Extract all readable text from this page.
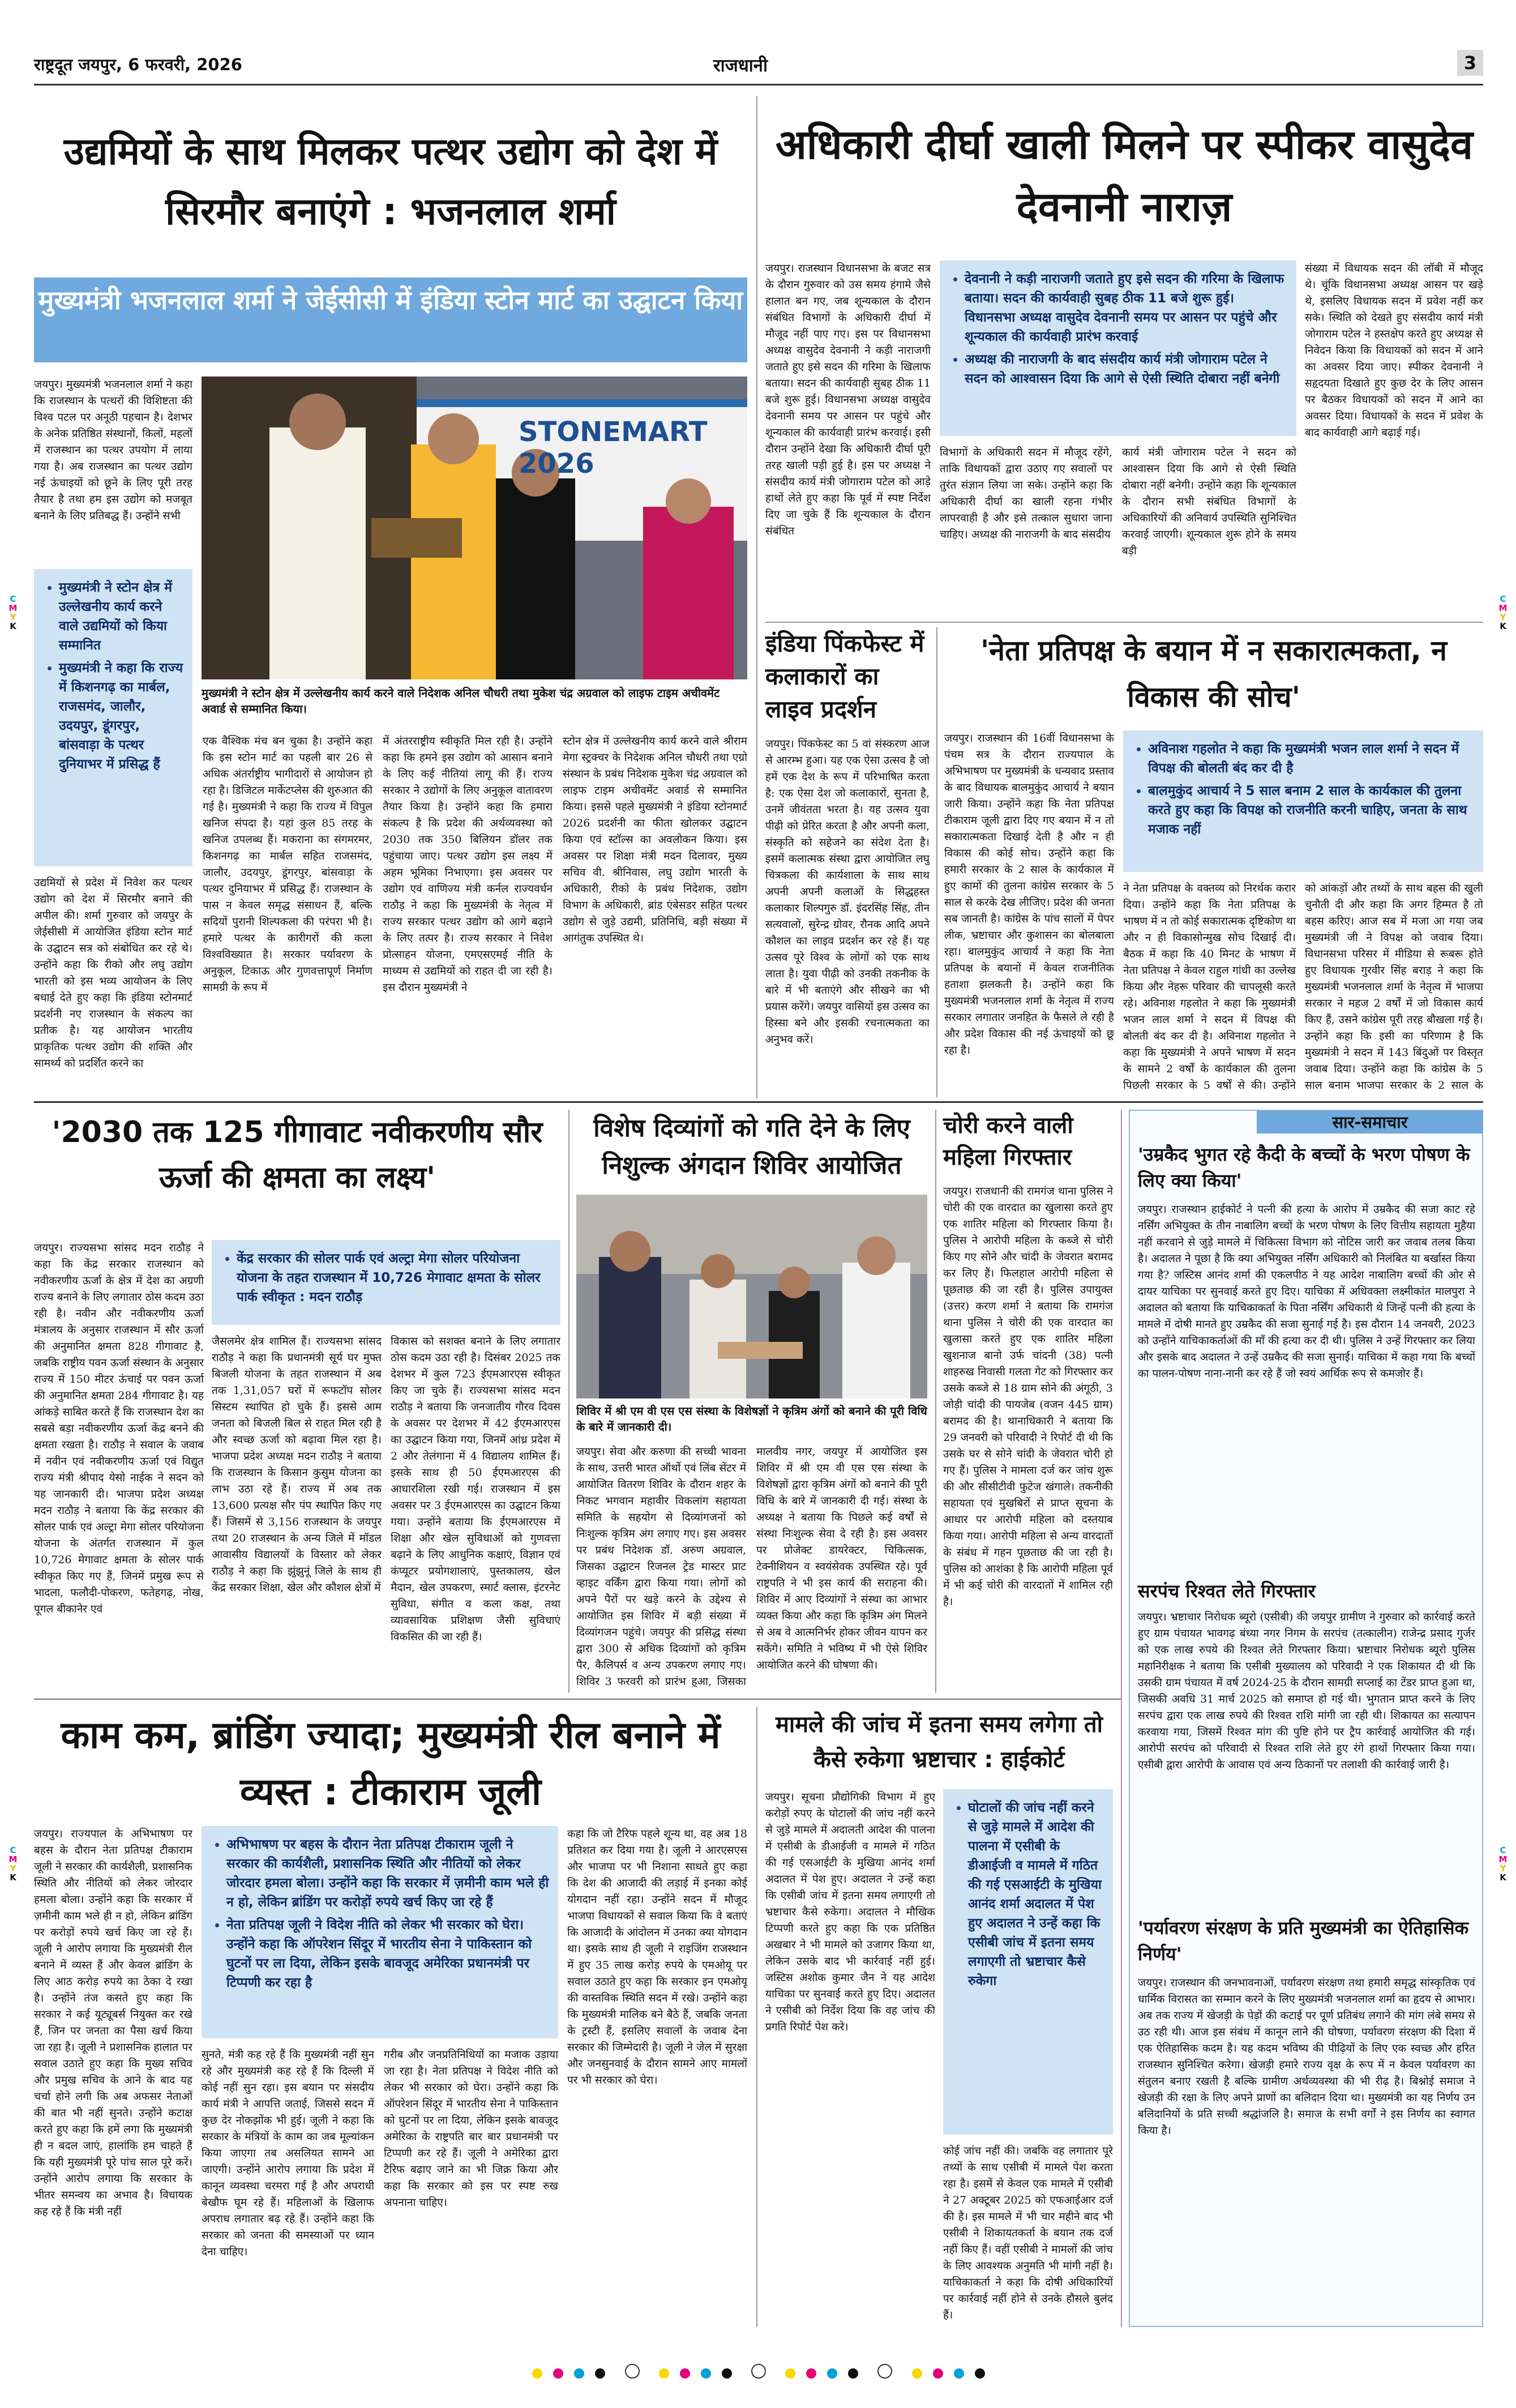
राष्ट्रदूत जयपुर, 6 फरवरी, 2026	राजधानी	3
C
M
Y
K
C
M
Y
K
C
M
Y
K
C
M
Y
K
उद्यमियों के साथ मिलकर पत्थर उद्योग को देश में सिरमौर बनाएंगे : भजनलाल शर्मा
मुख्यमंत्री भजनलाल शर्मा ने जेईसीसी में इंडिया स्टोन मार्ट का उद्घाटन किया
जयपुर। मुख्यमंत्री भजनलाल शर्मा ने कहा कि राजस्थान के पत्थरों की विशिष्टता की विश्व पटल पर अनूठी पहचान है। देशभर के अनेक प्रतिष्ठित संस्थानों, किलों, महलों में राजस्थान का पत्थर उपयोग में लाया गया है। अब राजस्थान का पत्थर उद्योग नई ऊंचाइयों को छूने के लिए पूरी तरह तैयार है तथा हम इस उद्योग को मजबूत बनाने के लिए प्रतिबद्ध हैं। उन्होंने सभी
STONEMART 2026
मुख्यमंत्री ने स्टोन क्षेत्र में उल्लेखनीय कार्य करने वाले निदेशक अनिल चौधरी तथा मुकेश चंद्र अग्रवाल को लाइफ टाइम अचीवमेंट अवार्ड से सम्मानित किया।
• मुख्यमंत्री ने स्टोन क्षेत्र में उल्लेखनीय कार्य करने वाले उद्यमियों को किया सम्मानित
• मुख्यमंत्री ने कहा कि राज्य में किशनगढ़ का मार्बल, राजसमंद, जालौर, उदयपुर, डूंगरपुर, बांसवाड़ा के पत्थर दुनियाभर में प्रसिद्ध हैं
उद्यमियों से प्रदेश में निवेश कर पत्थर उद्योग को देश में सिरमौर बनाने की अपील की। शर्मा गुरुवार को जयपुर के जेईसीसी में आयोजित इंडिया स्टोन मार्ट के उद्घाटन सत्र को संबोधित कर रहे थे। उन्होंने कहा कि रीको और लघु उद्योग भारती को इस भव्य आयोजन के लिए बधाई देते हुए कहा कि इंडिया स्टोनमार्ट प्रदर्शनी नए राजस्थान के संकल्प का प्रतीक है। यह आयोजन भारतीय प्राकृतिक पत्थर उद्योग की शक्ति और सामर्थ्य को प्रदर्शित करने का
एक वैश्विक मंच बन चुका है। उन्होंने कहा कि इस स्टोन मार्ट का पहली बार 26 से अधिक अंतर्राष्ट्रीय भागीदारों से आयोजन हो रहा है। डिजिटल मार्केटप्लेस की शुरुआत की गई है। मुख्यमंत्री ने कहा कि राज्य में विपुल खनिज संपदा है। यहां कुल 85 तरह के खनिज उपलब्ध हैं। मकराना का संगमरमर, किशनगढ़ का मार्बल सहित राजसमंद, जालौर, उदयपुर, डूंगरपुर, बांसवाड़ा के पत्थर दुनियाभर में प्रसिद्ध हैं। राजस्थान के पास न केवल समृद्ध संसाधन हैं, बल्कि सदियों पुरानी शिल्पकला की परंपरा भी है। हमारे पत्थर के कारीगरों की कला विश्वविख्यात है। सरकार पर्यावरण के अनुकूल, टिकाऊ और गुणवत्तापूर्ण निर्माण सामग्री के रूप में
में अंतरराष्ट्रीय स्वीकृति मिल रही है। उन्होंने कहा कि हमने इस उद्योग को आसान बनाने के लिए कई नीतियां लागू की हैं। राज्य सरकार ने उद्योगों के लिए अनुकूल वातावरण तैयार किया है। उन्होंने कहा कि हमारा संकल्प है कि प्रदेश की अर्थव्यवस्था को 2030 तक 350 बिलियन डॉलर तक पहुंचाया जाए। पत्थर उद्योग इस लक्ष्य में अहम भूमिका निभाएगा। इस अवसर पर उद्योग एवं वाणिज्य मंत्री कर्नल राज्यवर्धन राठौड़ ने कहा कि मुख्यमंत्री के नेतृत्व में राज्य सरकार पत्थर उद्योग को आगे बढ़ाने के लिए तत्पर है। राज्य सरकार ने निवेश प्रोत्साहन योजना, एमएसएमई नीति के माध्यम से उद्यमियों को राहत दी जा रही है। इस दौरान मुख्यमंत्री ने
स्टोन क्षेत्र में उल्लेखनीय कार्य करने वाले श्रीराम मेगा स्ट्रक्चर के निदेशक अनिल चौधरी तथा एग्रो संस्थान के प्रबंध निदेशक मुकेश चंद्र अग्रवाल को लाइफ टाइम अचीवमेंट अवार्ड से सम्मानित किया। इससे पहले मुख्यमंत्री ने इंडिया स्टोनमार्ट 2026 प्रदर्शनी का फीता खोलकर उद्घाटन किया एवं स्टॉल्स का अवलोकन किया। इस अवसर पर शिक्षा मंत्री मदन दिलावर, मुख्य सचिव वी. श्रीनिवास, लघु उद्योग भारती के अधिकारी, रीको के प्रबंध निदेशक, उद्योग विभाग के अधिकारी, ब्रांड एंबेसडर सहित पत्थर उद्योग से जुड़े उद्यमी, प्रतिनिधि, बड़ी संख्या में आगंतुक उपस्थित थे।
अधिकारी दीर्घा खाली मिलने पर स्पीकर वासुदेव देवनानी नाराज़
जयपुर। राजस्थान विधानसभा के बजट सत्र के दौरान गुरुवार को उस समय हंगामे जैसे हालात बन गए, जब शून्यकाल के दौरान संबंधित विभागों के अधिकारी दीर्घा में मौजूद नहीं पाए गए। इस पर विधानसभा अध्यक्ष वासुदेव देवनानी ने कड़ी नाराजगी जताते हुए इसे सदन की गरिमा के खिलाफ बताया। सदन की कार्यवाही सुबह ठीक 11 बजे शुरू हुई। विधानसभा अध्यक्ष वासुदेव देवनानी समय पर आसन पर पहुंचे और शून्यकाल की कार्यवाही प्रारंभ करवाई। इसी दौरान उन्होंने देखा कि अधिकारी दीर्घा पूरी तरह खाली पड़ी हुई है। इस पर अध्यक्ष ने संसदीय कार्य मंत्री जोगाराम पटेल को आड़े हाथों लेते हुए कहा कि पूर्व में स्पष्ट निर्देश दिए जा चुके हैं कि शून्यकाल के दौरान संबंधित
• देवनानी ने कड़ी नाराजगी जताते हुए इसे सदन की गरिमा के खिलाफ बताया। सदन की कार्यवाही सुबह ठीक 11 बजे शुरू हुई। विधानसभा अध्यक्ष वासुदेव देवनानी समय पर आसन पर पहुंचे और शून्यकाल की कार्यवाही प्रारंभ करवाई
• अध्यक्ष की नाराजगी के बाद संसदीय कार्य मंत्री जोगाराम पटेल ने सदन को आश्वासन दिया कि आगे से ऐसी स्थिति दोबारा नहीं बनेगी
विभागों के अधिकारी सदन में मौजूद रहेंगे, ताकि विधायकों द्वारा उठाए गए सवालों पर तुरंत संज्ञान लिया जा सके। उन्होंने कहा कि अधिकारी दीर्घा का खाली रहना गंभीर लापरवाही है और इसे तत्काल सुधारा जाना चाहिए। अध्यक्ष की नाराजगी के बाद संसदीय
कार्य मंत्री जोगाराम पटेल ने सदन को आश्वासन दिया कि आगे से ऐसी स्थिति दोबारा नहीं बनेगी। उन्होंने कहा कि शून्यकाल के दौरान सभी संबंधित विभागों के अधिकारियों की अनिवार्य उपस्थिति सुनिश्चित करवाई जाएगी। शून्यकाल शुरू होने के समय बड़ी
संख्या में विधायक सदन की लॉबी में मौजूद थे। चूंकि विधानसभा अध्यक्ष आसन पर खड़े थे, इसलिए विधायक सदन में प्रवेश नहीं कर सके। स्थिति को देखते हुए संसदीय कार्य मंत्री जोगाराम पटेल ने हस्तक्षेप करते हुए अध्यक्ष से निवेदन किया कि विधायकों को सदन में आने का अवसर दिया जाए। स्पीकर देवनानी ने सहृदयता दिखाते हुए कुछ देर के लिए आसन पर बैठकर विधायकों को सदन में आने का अवसर दिया। विधायकों के सदन में प्रवेश के बाद कार्यवाही आगे बढ़ाई गई।
इंडिया पिंकफेस्ट में कलाकारों का लाइव प्रदर्शन
जयपुर। पिंकफेस्ट का 5 वां संस्करण आज से आरम्भ हुआ। यह एक ऐसा उत्सव है जो हमें एक देश के रूप में परिभाषित करता है: एक ऐसा देश जो कलाकारों, सुनता है, उनमें जीवंतता भरता है। यह उत्सव युवा पीढ़ी को प्रेरित करता है और अपनी कला, संस्कृति को सहेजने का संदेश देता है। इसमें कलात्मक संस्था द्वारा आयोजित लघु चित्रकला की कार्यशाला के साथ साथ अपनी अपनी कलाओं के सिद्धहस्त कलाकार शिल्पगुरु डॉ. इंदरसिंह सिंह, तीन सत्यवालों, सुरेन्द्र ग्रोवर, रौनक आदि अपने कौशल का लाइव प्रदर्शन कर रहे हैं। यह उत्सव पूरे विश्व के लोगों को एक साथ लाता है। युवा पीढ़ी को उनकी तकनीक के बारे में भी बताएंगे और सीखने का भी प्रयास करेंगे। जयपुर वासियों इस उत्सव का हिस्सा बने और इसकी रचनात्मकता का अनुभव करें।
'नेता प्रतिपक्ष के बयान में न सकारात्मकता, न विकास की सोच'
जयपुर। राजस्थान की 16वीं विधानसभा के पंचम सत्र के दौरान राज्यपाल के अभिभाषण पर मुख्यमंत्री के धन्यवाद प्रस्ताव के बाद विधायक बालमुकुंद आचार्य ने बयान जारी किया। उन्होंने कहा कि नेता प्रतिपक्ष टीकाराम जूली द्वारा दिए गए बयान में न तो सकारात्मकता दिखाई देती है और न ही विकास की कोई सोच। उन्होंने कहा कि हमारी सरकार के 2 साल के कार्यकाल में हुए कामों की तुलना कांग्रेस सरकार के 5 साल से करके देख लीजिए। प्रदेश की जनता सब जानती है। कांग्रेस के पांच सालों में पेपर लीक, भ्रष्टाचार और कुशासन का बोलबाला रहा। बालमुकुंद आचार्य ने कहा कि नेता प्रतिपक्ष के बयानों में केवल राजनीतिक हताशा झलकती है। उन्होंने कहा कि मुख्यमंत्री भजनलाल शर्मा के नेतृत्व में राज्य सरकार लगातार जनहित के फैसले ले रही है और प्रदेश विकास की नई ऊंचाइयों को छू रहा है।
• अविनाश गहलोत ने कहा कि मुख्यमंत्री भजन लाल शर्मा ने सदन में विपक्ष की बोलती बंद कर दी है
• बालमुकुंद आचार्य ने 5 साल बनाम 2 साल के कार्यकाल की तुलना करते हुए कहा कि विपक्ष को राजनीति करनी चाहिए, जनता के साथ मजाक नहीं
ने नेता प्रतिपक्ष के वक्तव्य को निरर्थक करार दिया। उन्होंने कहा कि नेता प्रतिपक्ष के भाषण में न तो कोई सकारात्मक दृष्टिकोण था और न ही विकासोन्मुख सोच दिखाई दी। बैठक में कहा कि 40 मिनट के भाषण में नेता प्रतिपक्ष ने केवल राहुल गांधी का उल्लेख किया और नेहरू परिवार की चापलूसी करते रहे। अविनाश गहलोत ने कहा कि मुख्यमंत्री भजन लाल शर्मा ने सदन में विपक्ष की बोलती बंद कर दी है। अविनाश गहलोत ने कहा कि मुख्यमंत्री ने अपने भाषण में सदन के सामने 2 वर्षों के कार्यकाल की तुलना पिछली सरकार के 5 वर्षों से की। उन्होंने
को आंकड़ों और तथ्यों के साथ बहस की खुली चुनौती दी और कहा कि अगर हिम्मत है तो बहस करिए। आज सब में मजा आ गया जब मुख्यमंत्री जी ने विपक्ष को जवाब दिया। विधानसभा परिसर में मीडिया से रूबरू होते हुए विधायक गुरवीर सिंह बराड़ ने कहा कि मुख्यमंत्री भजनलाल शर्मा के नेतृत्व में भाजपा सरकार ने महज 2 वर्षों में जो विकास कार्य किए हैं, उसने कांग्रेस पूरी तरह बौखला गई है। उन्होंने कहा कि इसी का परिणाम है कि मुख्यमंत्री ने सदन में 143 बिंदुओं पर विस्तृत जवाब दिया। उन्होंने कहा कि कांग्रेस के 5 साल बनाम भाजपा सरकार के 2 साल के
'2030 तक 125 गीगावाट नवीकरणीय सौर ऊर्जा की क्षमता का लक्ष्य'
जयपुर। राज्यसभा सांसद मदन राठौड़ ने कहा कि केंद्र सरकार राजस्थान को नवीकरणीय ऊर्जा के क्षेत्र में देश का अग्रणी राज्य बनाने के लिए लगातार ठोस कदम उठा रही है। नवीन और नवीकरणीय ऊर्जा मंत्रालय के अनुसार राजस्थान में सौर ऊर्जा की अनुमानित क्षमता 828 गीगावाट है, जबकि राष्ट्रीय पवन ऊर्जा संस्थान के अनुसार राज्य में 150 मीटर ऊंचाई पर पवन ऊर्जा की अनुमानित क्षमता 284 गीगावाट है। यह आंकड़े साबित करते हैं कि राजस्थान देश का सबसे बड़ा नवीकरणीय ऊर्जा केंद्र बनने की क्षमता रखता है। राठौड़ ने सवाल के जवाब में नवीन एवं नवीकरणीय ऊर्जा एवं विद्युत राज्य मंत्री श्रीपाद येसो नाईक ने सदन को यह जानकारी दी। भाजपा प्रदेश अध्यक्ष मदन राठौड़ ने बताया कि केंद्र सरकार की सोलर पार्क एवं अल्ट्रा मेगा सोलर परियोजना योजना के अंतर्गत राजस्थान में कुल 10,726 मेगावाट क्षमता के सोलर पार्क स्वीकृत किए गए हैं, जिनमें प्रमुख रूप से भादला, फलौदी-पोकरण, फतेहगढ़, नोख, पूगल बीकानेर एवं
• केंद्र सरकार की सोलर पार्क एवं अल्ट्रा मेगा सोलर परियोजना योजना के तहत राजस्थान में 10,726 मेगावाट क्षमता के सोलर पार्क स्वीकृत : मदन राठौड़
जैसलमेर क्षेत्र शामिल हैं। राज्यसभा सांसद राठौड़ ने कहा कि प्रधानमंत्री सूर्य घर मुफ्त बिजली योजना के तहत राजस्थान में अब तक 1,31,057 घरों में रूफटॉप सोलर सिस्टम स्थापित हो चुके हैं। इससे आम जनता को बिजली बिल से राहत मिल रही है और स्वच्छ ऊर्जा को बढ़ावा मिल रहा है। भाजपा प्रदेश अध्यक्ष मदन राठौड़ ने बताया कि राजस्थान के किसान कुसुम योजना का लाभ उठा रहे हैं। राज्य में अब तक 13,600 प्रत्यक्ष सौर पंप स्थापित किए गए हैं। जिसमें से 3,156 राजस्थान के जयपुर तथा 20 राजस्थान के अन्य जिले में मॉडल आवासीय विद्यालयों के विस्तार को लेकर राठौड़ ने कहा कि झुंझुनूं जिले के साथ ही केंद्र सरकार शिक्षा, खेल और कौशल क्षेत्रों में
विकास को सशक्त बनाने के लिए लगातार ठोस कदम उठा रही है। दिसंबर 2025 तक देशभर में कुल 723 ईएमआरएस स्वीकृत किए जा चुके हैं। राज्यसभा सांसद मदन राठौड़ ने बताया कि जनजातीय गौरव दिवस के अवसर पर देशभर में 42 ईएमआरएस का उद्घाटन किया गया, जिनमें आंध्र प्रदेश में 2 और तेलंगाना में 4 विद्यालय शामिल हैं। इसके साथ ही 50 ईएमआरएस की आधारशिला रखी गई। राजस्थान में इस अवसर पर 3 ईएमआरएस का उद्घाटन किया गया। उन्होंने बताया कि ईएमआरएस में शिक्षा और खेल सुविधाओं को गुणवत्ता बढ़ाने के लिए आधुनिक कक्षाएं, विज्ञान एवं कंप्यूटर प्रयोगशालाएं, पुस्तकालय, खेल मैदान, खेल उपकरण, स्मार्ट क्लास, इंटरनेट सुविधा, संगीत व कला कक्ष, तथा व्यावसायिक प्रशिक्षण जैसी सुविधाएं विकसित की जा रही हैं।
विशेष दिव्यांगों को गति देने के लिए निशुल्क अंगदान शिविर आयोजित
शिविर में श्री एम वी एस एस संस्था के विशेषज्ञों ने कृत्रिम अंगों को बनाने की पूरी विधि के बारे में जानकारी दी।
जयपुर। सेवा और करुणा की सच्ची भावना के साथ, उत्तरी भारत ऑर्थो एवं लिंब सेंटर में आयोजित वितरण शिविर के दौरान शहर के निकट भगवान महावीर विकलांग सहायता समिति के सहयोग से दिव्यांगजनों को निःशुल्क कृत्रिम अंग लगाए गए। इस अवसर पर प्रबंध निदेशक डॉ. अरुण अग्रवाल, जिसका उद्घाटन रिजनल ट्रेड मास्टर प्राट व्हाइट वर्किंग द्वारा किया गया। लोगों को अपने पैरों पर खड़े करने के उद्देश्य से आयोजित इस शिविर में बड़ी संख्या में दिव्यांगजन पहुंचे। जयपुर की प्रसिद्ध संस्था द्वारा 300 से अधिक दिव्यांगों को कृत्रिम पैर, कैलिपर्स व अन्य उपकरण लगाए गए। शिविर 3 फरवरी को प्रारंभ हुआ, जिसका
मालवीय नगर, जयपुर में आयोजित इस शिविर में श्री एम वी एस एस संस्था के विशेषज्ञों द्वारा कृत्रिम अंगों को बनाने की पूरी विधि के बारे में जानकारी दी गई। संस्था के अध्यक्ष ने बताया कि पिछले कई वर्षों से संस्था निःशुल्क सेवा दे रही है। इस अवसर पर प्रोजेक्ट डायरेक्टर, चिकित्सक, टेक्नीशियन व स्वयंसेवक उपस्थित रहे। पूर्व राष्ट्रपति ने भी इस कार्य की सराहना की। शिविर में आए दिव्यांगों ने संस्था का आभार व्यक्त किया और कहा कि कृत्रिम अंग मिलने से अब वे आत्मनिर्भर होकर जीवन यापन कर सकेंगे। समिति ने भविष्य में भी ऐसे शिविर आयोजित करने की घोषणा की।
चोरी करने वाली महिला गिरफ्तार
जयपुर। राजधानी की रामगंज थाना पुलिस ने चोरी की एक वारदात का खुलासा करते हुए एक शातिर महिला को गिरफ्तार किया है। पुलिस ने आरोपी महिला के कब्जे से चोरी किए गए सोने और चांदी के जेवरात बरामद कर लिए हैं। फिलहाल आरोपी महिला से पूछताछ की जा रही है। पुलिस उपायुक्त (उत्तर) करण शर्मा ने बताया कि रामगंज थाना पुलिस ने चोरी की एक वारदात का खुलासा करते हुए एक शातिर महिला खुशनाज बानो उर्फ चांदनी (38) पत्नी शाहरुख निवासी गलता गेट को गिरफ्तार कर उसके कब्जे से 18 ग्राम सोने की अंगूठी, 3 जोड़ी चांदी की पायजेब (वजन 445 ग्राम) बरामद की है। थानाधिकारी ने बताया कि 29 जनवरी को परिवादी ने रिपोर्ट दी थी कि उसके घर से सोने चांदी के जेवरात चोरी हो गए हैं। पुलिस ने मामला दर्ज कर जांच शुरू की और सीसीटीवी फुटेज खंगाले। तकनीकी सहायता एवं मुखबिरों से प्राप्त सूचना के आधार पर आरोपी महिला को दस्तयाब किया गया। आरोपी महिला से अन्य वारदातों के संबंध में गहन पूछताछ की जा रही है। पुलिस को आशंका है कि आरोपी महिला पूर्व में भी कई चोरी की वारदातों में शामिल रही है।
सार-समाचार
'उम्रकैद भुगत रहे कैदी के बच्चों के भरण पोषण के लिए क्या किया'
जयपुर। राजस्थान हाईकोर्ट ने पत्नी की हत्या के आरोप में उम्रकैद की सजा काट रहे नर्सिंग अभियुक्त के तीन नाबालिग बच्चों के भरण पोषण के लिए वित्तीय सहायता मुहैया नहीं करवाने से जुड़े मामले में चिकित्सा विभाग को नोटिस जारी कर जवाब तलब किया है। अदालत ने पूछा है कि क्या अभियुक्त नर्सिंग अधिकारी को निलंबित या बर्खास्त किया गया है? जस्टिस आनंद शर्मा की एकलपीठ ने यह आदेश नाबालिग बच्चों की ओर से दायर याचिका पर सुनवाई करते हुए दिए। याचिका में अधिवक्ता लक्ष्मीकांत मालपुरा ने अदालत को बताया कि याचिकाकर्ता के पिता नर्सिंग अधिकारी थे जिन्हें पत्नी की हत्या के मामले में दोषी मानते हुए उम्रकैद की सजा सुनाई गई है। इस दौरान 14 जनवरी, 2023 को उन्होंने याचिकाकर्ताओं की माँ की हत्या कर दी थी। पुलिस ने उन्हें गिरफ्तार कर लिया और इसके बाद अदालत ने उन्हें उम्रकैद की सजा सुनाई। याचिका में कहा गया कि बच्चों का पालन-पोषण नाना-नानी कर रहे हैं जो स्वयं आर्थिक रूप से कमजोर हैं।
सरपंच रिश्वत लेते गिरफ्तार
जयपुर। भ्रष्टाचार निरोधक ब्यूरो (एसीबी) की जयपुर ग्रामीण ने गुरुवार को कार्रवाई करते हुए ग्राम पंचायत भावगढ़ बंध्या नगर निगम के सरपंच (तत्कालीन) राजेन्द्र प्रसाद गुर्जर को एक लाख रुपये की रिश्वत लेते गिरफ्तार किया। भ्रष्टाचार निरोधक ब्यूरो पुलिस महानिरीक्षक ने बताया कि एसीबी मुख्यालय को परिवादी ने एक शिकायत दी थी कि उसकी ग्राम पंचायत में वर्ष 2024-25 के दौरान सामग्री सप्लाई का टेंडर प्राप्त हुआ था, जिसकी अवधि 31 मार्च 2025 को समाप्त हो गई थी। भुगतान प्राप्त करने के लिए सरपंच द्वारा एक लाख रुपये की रिश्वत राशि मांगी जा रही थी। शिकायत का सत्यापन करवाया गया, जिसमें रिश्वत मांग की पुष्टि होने पर ट्रैप कार्रवाई आयोजित की गई। आरोपी सरपंच को परिवादी से रिश्वत राशि लेते हुए रंगे हाथों गिरफ्तार किया गया। एसीबी द्वारा आरोपी के आवास एवं अन्य ठिकानों पर तलाशी की कार्रवाई जारी है।
'पर्यावरण संरक्षण के प्रति मुख्यमंत्री का ऐतिहासिक निर्णय'
जयपुर। राजस्थान की जनभावनाओं, पर्यावरण संरक्षण तथा हमारी समृद्ध सांस्कृतिक एवं धार्मिक विरासत का सम्मान करने के लिए मुख्यमंत्री भजनलाल शर्मा का हृदय से आभार। अब तक राज्य में खेजड़ी के पेड़ों की कटाई पर पूर्ण प्रतिबंध लगाने की मांग लंबे समय से उठ रही थी। आज इस संबंध में कानून लाने की घोषणा, पर्यावरण संरक्षण की दिशा में एक ऐतिहासिक कदम है। यह कदम भविष्य की पीढ़ियों के लिए एक स्वच्छ और हरित राजस्थान सुनिश्चित करेगा। खेजड़ी हमारे राज्य वृक्ष के रूप में न केवल पर्यावरण का संतुलन बनाए रखती है बल्कि ग्रामीण अर्थव्यवस्था की भी रीढ़ है। बिश्नोई समाज ने खेजड़ी की रक्षा के लिए अपने प्राणों का बलिदान दिया था। मुख्यमंत्री का यह निर्णय उन बलिदानियों के प्रति सच्ची श्रद्धांजलि है। समाज के सभी वर्गों ने इस निर्णय का स्वागत किया है।
काम कम, ब्रांडिंग ज्यादा; मुख्यमंत्री रील बनाने में व्यस्त : टीकाराम जूली
जयपुर। राज्यपाल के अभिभाषण पर बहस के दौरान नेता प्रतिपक्ष टीकाराम जूली ने सरकार की कार्यशैली, प्रशासनिक स्थिति और नीतियों को लेकर जोरदार हमला बोला। उन्होंने कहा कि सरकार में ज़मीनी काम भले ही न हो, लेकिन ब्रांडिंग पर करोड़ों रुपये खर्च किए जा रहे हैं। जूली ने आरोप लगाया कि मुख्यमंत्री रील बनाने में व्यस्त हैं और केवल ब्रांडिंग के लिए आठ करोड़ रुपये का ठेका दे रखा है। उन्होंने तंज कसते हुए कहा कि सरकार ने कई यूट्यूबर्स नियुक्त कर रखे हैं, जिन पर जनता का पैसा खर्च किया जा रहा है। जूली ने प्रशासनिक हालात पर सवाल उठाते हुए कहा कि मुख्य सचिव और प्रमुख सचिव के आने के बाद यह चर्चा होने लगी कि अब अफसर नेताओं की बात भी नहीं सुनते। उन्होंने कटाक्ष करते हुए कहा कि हमें लगा कि मुख्यमंत्री ही न बदल जाएं, हालांकि हम चाहते हैं कि यही मुख्यमंत्री पूरे पांच साल पूरे करें। उन्होंने आरोप लगाया कि सरकार के भीतर समन्वय का अभाव है। विधायक कह रहे हैं कि मंत्री नहीं
• अभिभाषण पर बहस के दौरान नेता प्रतिपक्ष टीकाराम जूली ने सरकार की कार्यशैली, प्रशासनिक स्थिति और नीतियों को लेकर जोरदार हमला बोला। उन्होंने कहा कि सरकार में ज़मीनी काम भले ही न हो, लेकिन ब्रांडिंग पर करोड़ों रुपये खर्च किए जा रहे हैं
• नेता प्रतिपक्ष जूली ने विदेश नीति को लेकर भी सरकार को घेरा। उन्होंने कहा कि ऑपरेशन सिंदूर में भारतीय सेना ने पाकिस्तान को घुटनों पर ला दिया, लेकिन इसके बावजूद अमेरिका प्रधानमंत्री पर टिप्पणी कर रहा है
सुनते, मंत्री कह रहे हैं कि मुख्यमंत्री नहीं सुन रहे और मुख्यमंत्री कह रहे हैं कि दिल्ली में कोई नहीं सुन रहा। इस बयान पर संसदीय कार्य मंत्री ने आपत्ति जताई, जिससे सदन में कुछ देर नोकझोंक भी हुई। जूली ने कहा कि सरकार के मंत्रियों के काम का जब मूल्यांकन किया जाएगा तब असलियत सामने आ जाएगी। उन्होंने आरोप लगाया कि प्रदेश में कानून व्यवस्था चरमरा गई है और अपराधी बेखौफ घूम रहे हैं। महिलाओं के खिलाफ अपराध लगातार बढ़ रहे हैं। उन्होंने कहा कि सरकार को जनता की समस्याओं पर ध्यान देना चाहिए।
गरीब और जनप्रतिनिधियों का मजाक उड़ाया जा रहा है। नेता प्रतिपक्ष ने विदेश नीति को लेकर भी सरकार को घेरा। उन्होंने कहा कि ऑपरेशन सिंदूर में भारतीय सेना ने पाकिस्तान को घुटनों पर ला दिया, लेकिन इसके बावजूद अमेरिका के राष्ट्रपति बार बार प्रधानमंत्री पर टिप्पणी कर रहे हैं। जूली ने अमेरिका द्वारा टैरिफ बढ़ाए जाने का भी जिक्र किया और कहा कि सरकार को इस पर स्पष्ट रुख अपनाना चाहिए।
कहा कि जो टैरिफ पहले शून्य था, वह अब 18 प्रतिशत कर दिया गया है। जूली ने आरएसएस और भाजपा पर भी निशाना साधते हुए कहा कि देश की आजादी की लड़ाई में इनका कोई योगदान नहीं रहा। उन्होंने सदन में मौजूद भाजपा विधायकों से सवाल किया कि वे बताएं कि आजादी के आंदोलन में उनका क्या योगदान था। इसके साथ ही जूली ने राइजिंग राजस्थान में हुए 35 लाख करोड़ रुपये के एमओयू पर सवाल उठाते हुए कहा कि सरकार इन एमओयू की वास्तविक स्थिति सदन में रखे। उन्होंने कहा कि मुख्यमंत्री मालिक बने बैठे हैं, जबकि जनता के ट्रस्टी हैं, इसलिए सवालों के जवाब देना सरकार की जिम्मेदारी है। जूली ने जेल में सुरक्षा और जनसुनवाई के दौरान सामने आए मामलों पर भी सरकार को घेरा।
मामले की जांच में इतना समय लगेगा तो कैसे रुकेगा भ्रष्टाचार : हाईकोर्ट
जयपुर। सूचना प्रौद्योगिकी विभाग में हुए करोड़ों रुपए के घोटालों की जांच नहीं करने से जुड़े मामले में अदालती आदेश की पालना में एसीबी के डीआईजी व मामले में गठित की गई एसआईटी के मुखिया आनंद शर्मा अदालत में पेश हुए। अदालत ने उन्हें कहा कि एसीबी जांच में इतना समय लगाएगी तो भ्रष्टाचार कैसे रुकेगा। अदालत ने मौखिक टिप्पणी करते हुए कहा कि एक प्रतिष्ठित अखबार ने भी मामले को उजागर किया था, लेकिन उसके बाद भी कार्रवाई नहीं हुई। जस्टिस अशोक कुमार जैन ने यह आदेश याचिका पर सुनवाई करते हुए दिए। अदालत ने एसीबी को निर्देश दिया कि वह जांच की प्रगति रिपोर्ट पेश करे।
• घोटालों की जांच नहीं करने से जुड़े मामले में आदेश की पालना में एसीबी के डीआईजी व मामले में गठित की गई एसआईटी के मुखिया आनंद शर्मा अदालत में पेश हुए अदालत ने उन्हें कहा कि एसीबी जांच में इतना समय लगाएगी तो भ्रष्टाचार कैसे रुकेगा
कोई जांच नहीं की। जबकि वह लगातार पूरे तथ्यों के साथ एसीबी में मामले पेश करता रहा है। इसमें से केवल एक मामले में एसीबी ने 27 अक्टूबर 2025 को एफआईआर दर्ज की है। इस मामले में भी चार महीने बाद भी एसीबी ने शिकायतकर्ता के बयान तक दर्ज नहीं किए हैं। वहीं एसीबी ने मामलों की जांच के लिए आवश्यक अनुमति भी मांगी नहीं है। याचिकाकर्ता ने कहा कि दोषी अधिकारियों पर कार्रवाई नहीं होने से उनके हौसले बुलंद हैं।
